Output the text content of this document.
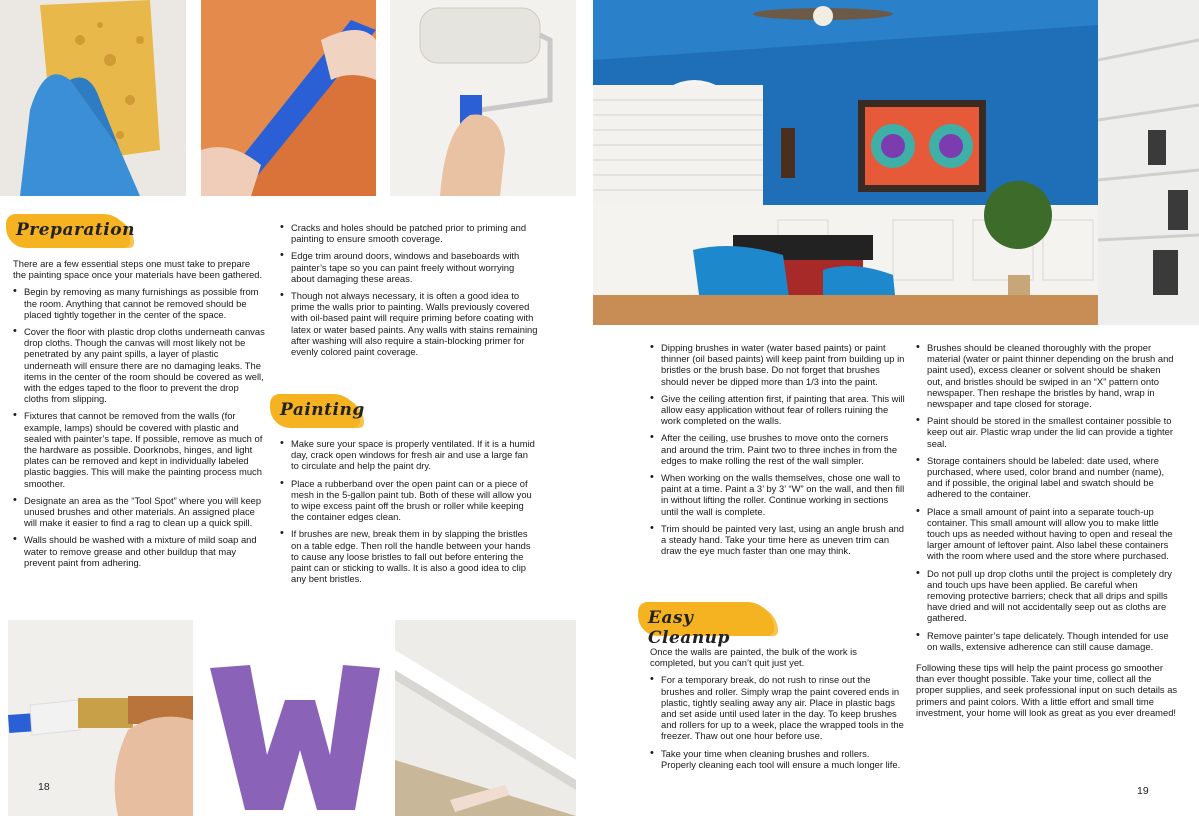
Preparation

There are a few essential steps one must take to prepare the painting space once your materials have been gathered.

• Begin by removing as many furnishings as possible from the room. Anything that cannot be removed should be placed tightly together in the center of the space.
• Cover the floor with plastic drop cloths underneath canvas drop cloths. Though the canvas will most likely not be penetrated by any paint spills, a layer of plastic underneath will ensure there are no damaging leaks. The items in the center of the room should be covered as well, with the edges taped to the floor to prevent the drop cloths from slipping.
• Fixtures that cannot be removed from the walls (for example, lamps) should be covered with plastic and sealed with painter’s tape. If possible, remove as much of the hardware as possible. Doorknobs, hinges, and light plates can be removed and kept in individually labeled plastic baggies. This will make the painting process much smoother.
• Designate an area as the “Tool Spot” where you will keep unused brushes and other materials. An assigned place will make it easier to find a rag to clean up a quick spill.
• Walls should be washed with a mixture of mild soap and water to remove grease and other buildup that may prevent paint from adhering.
• Cracks and holes should be patched prior to priming and painting to ensure smooth coverage.
• Edge trim around doors, windows and baseboards with painter’s tape so you can paint freely without worrying about damaging these areas.
• Though not always necessary, it is often a good idea to prime the walls prior to painting. Walls previously covered with oil-based paint will require priming before coating with latex or water based paints. Any walls with stains remaining after washing will also require a stain-blocking primer for evenly colored paint coverage.
Painting
• Make sure your space is properly ventilated. If it is a humid day, crack open windows for fresh air and use a large fan to circulate and help the paint dry.
• Place a rubberband over the open paint can or a piece of mesh in the 5-gallon paint tub. Both of these will allow you to wipe excess paint off the brush or roller while keeping the container edges clean.
• If brushes are new, break them in by slapping the bristles on a table edge. Then roll the handle between your hands to cause any loose bristles to fall out before entering the paint can or sticking to walls. It is also a good idea to clip any bent bristles.
18
• Dipping brushes in water (water based paints) or paint thinner (oil based paints) will keep paint from building up in bristles or the brush base. Do not forget that brushes should never be dipped more than 1/3 into the paint.
• Give the ceiling attention first, if painting that area. This will allow easy application without fear of rollers ruining the work completed on the walls.
• After the ceiling, use brushes to move onto the corners and around the trim. Paint two to three inches in from the edges to make rolling the rest of the wall simpler.
• When working on the walls themselves, chose one wall to paint at a time. Paint a 3’ by 3’ “W” on the wall, and then fill in without lifting the roller. Continue working in sections until the wall is complete.
• Trim should be painted very last, using an angle brush and a steady hand. Take your time here as uneven trim can draw the eye much faster than one may think.
Easy Cleanup

Once the walls are painted, the bulk of the work is completed, but you can’t quit just yet.

• For a temporary break, do not rush to rinse out the brushes and roller. Simply wrap the paint covered ends in plastic, tightly sealing away any air. Place in plastic bags and set aside until used later in the day. To keep brushes and rollers for up to a week, place the wrapped tools in the freezer. Thaw out one hour before use.
• Take your time when cleaning brushes and rollers. Properly cleaning each tool will ensure a much longer life.
• Brushes should be cleaned thoroughly with the proper material (water or paint thinner depending on the brush and paint used), excess cleaner or solvent should be shaken out, and bristles should be swiped in an “X” pattern onto newspaper. Then reshape the bristles by hand, wrap in newspaper and tape closed for storage.
• Paint should be stored in the smallest container possible to keep out air. Plastic wrap under the lid can provide a tighter seal.
• Storage containers should be labeled: date used, where purchased, where used, color brand and number (name), and if possible, the original label and swatch should be adhered to the container.
• Place a small amount of paint into a separate touch-up container. This small amount will allow you to make little touch ups as needed without having to open and reseal the larger amount of leftover paint. Also label these containers with the room where used and the store where purchased.
• Do not pull up drop cloths until the project is completely dry and touch ups have been applied. Be careful when removing protective barriers; check that all drips and spills have dried and will not accidentally seep out as cloths are gathered.
• Remove painter’s tape delicately. Though intended for use on walls, extensive adherence can still cause damage.

Following these tips will help the paint process go smoother than ever thought possible. Take your time, collect all the proper supplies, and seek professional input on such details as primers and paint colors. With a little effort and small time investment, your home will look as great as you ever dreamed!

19
